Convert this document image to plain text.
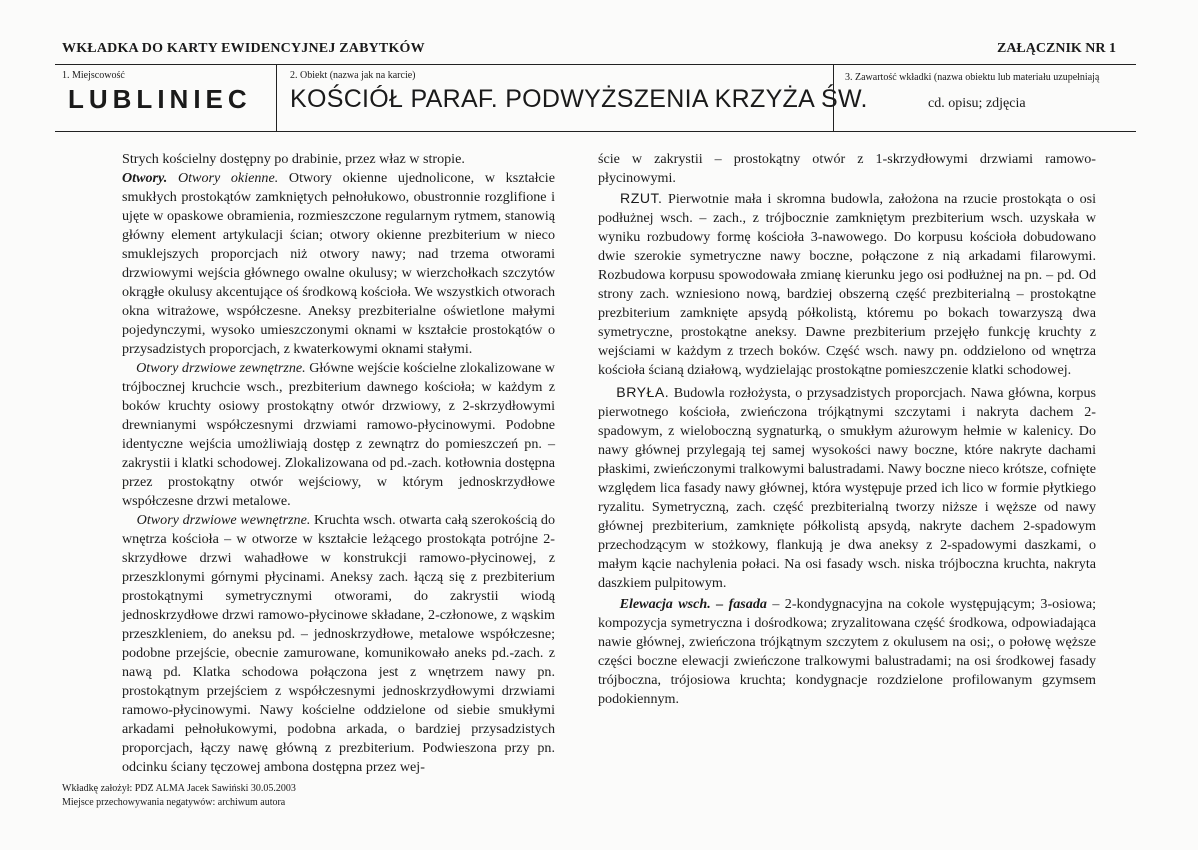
WKŁADKA DO KARTY EWIDENCYJNEJ ZABYTKÓW	ZAŁĄCZNIK NR 1
1. Miejscowość
LUBLINIEC
2. Obiekt (nazwa jak na karcie)
KOŚCIÓŁ PARAF. PODWYŻSZENIA KRZYŻA ŚW.
3. Zawartość wkładki (nazwa obiektu lub materiału uzupełniają
cd. opisu; zdjęcia

Strych kościelny dostępny po drabinie, przez właz w stropie.

Otwory. Otwory okienne. Otwory okienne ujednolicone, w kształcie smukłych prostokątów zamkniętych pełnołukowo, obustronnie rozglifione i ujęte w opaskowe obramienia, rozmieszczone regularnym rytmem, stanowią główny element artykulacji ścian; otwory okienne prezbiterium w nieco smuklejszych proporcjach niż otwory nawy; nad trzema otworami drzwiowymi wejścia głównego owalne okulusy; w wierzchołkach szczytów okrągłe okulusy akcentujące oś środkową kościoła. We wszystkich otworach okna witrażowe, współczesne. Aneksy prezbiterialne oświetlone małymi pojedynczymi, wysoko umieszczonymi oknami w kształcie prostokątów o przysadzistych proporcjach, z kwaterkowymi oknami stałymi.

Otwory drzwiowe zewnętrzne. Główne wejście kościelne zlokalizowane w trójbocznej kruchcie wsch., prezbiterium dawnego kościoła; w każdym z boków kruchty osiowy prostokątny otwór drzwiowy, z 2-skrzydłowymi drewnianymi współczesnymi drzwiami ramowo-płycinowymi. Podobne identyczne wejścia umożliwiają dostęp z zewnątrz do pomieszczeń pn. – zakrystii i klatki schodowej. Zlokalizowana od pd.-zach. kotłownia dostępna przez prostokątny otwór wejściowy, w którym jednoskrzydłowe współczesne drzwi metalowe.

Otwory drzwiowe wewnętrzne. Kruchta wsch. otwarta całą szerokością do wnętrza kościoła – w otworze w kształcie leżącego prostokąta potrójne 2-skrzydłowe drzwi wahadłowe w konstrukcji ramowo-płycinowej, z przeszklonymi górnymi płycinami. Aneksy zach. łączą się z prezbiterium prostokątnymi symetrycznymi otworami, do zakrystii wiodą jednoskrzydłowe drzwi ramowo-płycinowe składane, 2-członowe, z wąskim przeszkleniem, do aneksu pd. – jednoskrzydłowe, metalowe współczesne; podobne przejście, obecnie zamurowane, komunikowało aneks pd.-zach. z nawą pd. Klatka schodowa połączona jest z wnętrzem nawy pn. prostokątnym przejściem z współczesnymi jednoskrzydłowymi drzwiami ramowo-płycinowymi. Nawy kościelne oddzielone od siebie smukłymi arkadami pełnołukowymi, podobna arkada, o bardziej przysadzistych proporcjach, łączy nawę główną z prezbiterium. Podwieszona przy pn. odcinku ściany tęczowej ambona dostępna przez wej-

ście w zakrystii – prostokątny otwór z 1-skrzydłowymi drzwiami ramowo-płycinowymi.

RZUT. Pierwotnie mała i skromna budowla, założona na rzucie prostokąta o osi podłużnej wsch. – zach., z trójbocznie zamkniętym prezbiterium wsch. uzyskała w wyniku rozbudowy formę kościoła 3-nawowego. Do korpusu kościoła dobudowano dwie szerokie symetryczne nawy boczne, połączone z nią arkadami filarowymi. Rozbudowa korpusu spowodowała zmianę kierunku jego osi podłużnej na pn. – pd. Od strony zach. wzniesiono nową, bardziej obszerną część prezbiterialną – prostokątne prezbiterium zamknięte apsydą półkolistą, któremu po bokach towarzyszą dwa symetryczne, prostokątne aneksy. Dawne prezbiterium przejęło funkcję kruchty z wejściami w każdym z trzech boków. Część wsch. nawy pn. oddzielono od wnętrza kościoła ścianą działową, wydzielając prostokątne pomieszczenie klatki schodowej.

BRYŁA. Budowla rozłożysta, o przysadzistych proporcjach. Nawa główna, korpus pierwotnego kościoła, zwieńczona trójkątnymi szczytami i nakryta dachem 2-spadowym, z wieloboczną sygnaturką, o smukłym ażurowym hełmie w kalenicy. Do nawy głównej przylegają tej samej wysokości nawy boczne, które nakryte dachami płaskimi, zwieńczonymi tralkowymi balustradami. Nawy boczne nieco krótsze, cofnięte względem lica fasady nawy głównej, która występuje przed ich lico w formie płytkiego ryzalitu. Symetryczną, zach. część prezbiterialną tworzy niższe i węższe od nawy głównej prezbiterium, zamknięte półkolistą apsydą, nakryte dachem 2-spadowym przechodzącym w stożkowy, flankują je dwa aneksy z 2-spadowymi daszkami, o małym kącie nachylenia połaci. Na osi fasady wsch. niska trójboczna kruchta, nakryta daszkiem pulpitowym.

Elewacja wsch. – fasada – 2-kondygnacyjna na cokole występującym; 3-osiowa; kompozycja symetryczna i dośrodkowa; zryzalitowana część środkowa, odpowiadająca nawie głównej, zwieńczona trójkątnym szczytem z okulusem na osi;, o połowę węższe części boczne elewacji zwieńczone tralkowymi balustradami; na osi środkowej fasady trójboczna, trójosiowa kruchta; kondygnacje rozdzielone profilowanym gzymsem podokiennym.

Wkładkę założył: PDZ ALMA Jacek Sawiński 30.05.2003
Miejsce przechowywania negatywów: archiwum autora
